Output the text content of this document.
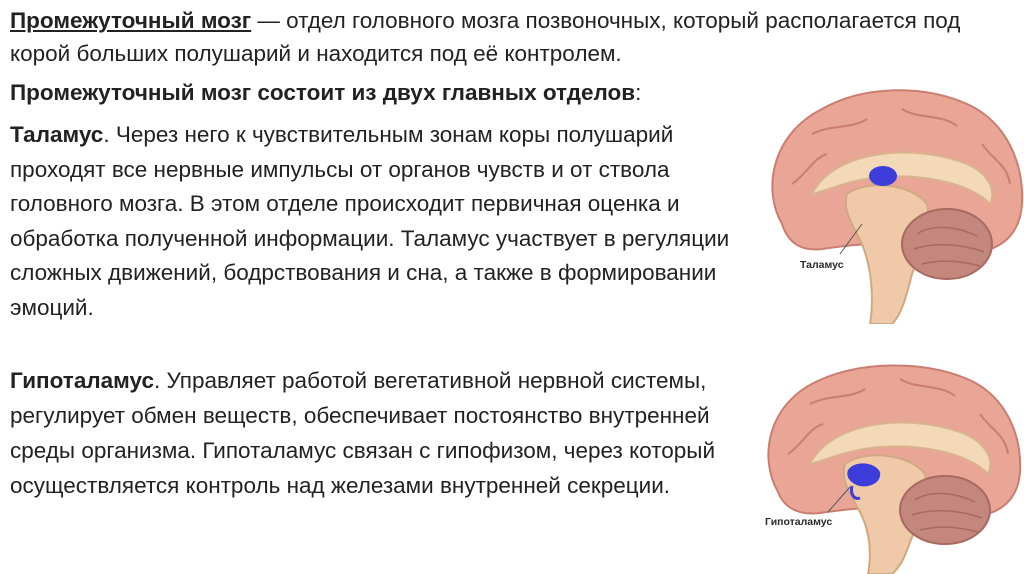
Промежуточный мозг — отдел головного мозга позвоночных, который располагается под корой больших полушарий и находится под её контролем.

Промежуточный мозг состоит из двух главных отделов:

Таламус. Через него к чувствительным зонам коры полушарий проходят все нервные импульсы от органов чувств и от ствола головного мозга. В этом отделе происходит первичная оценка и обработка полученной информации. Таламус участвует в регуляции сложных движений, бодрствования и сна, а также в формировании эмоций.

Гипоталамус. Управляет работой вегетативной нервной системы, регулирует обмен веществ, обеспечивает постоянство внутренней среды организма. Гипоталамус связан с гипофизом, через который осуществляется контроль над железами внутренней секреции.

Таламус
Гипоталамус
